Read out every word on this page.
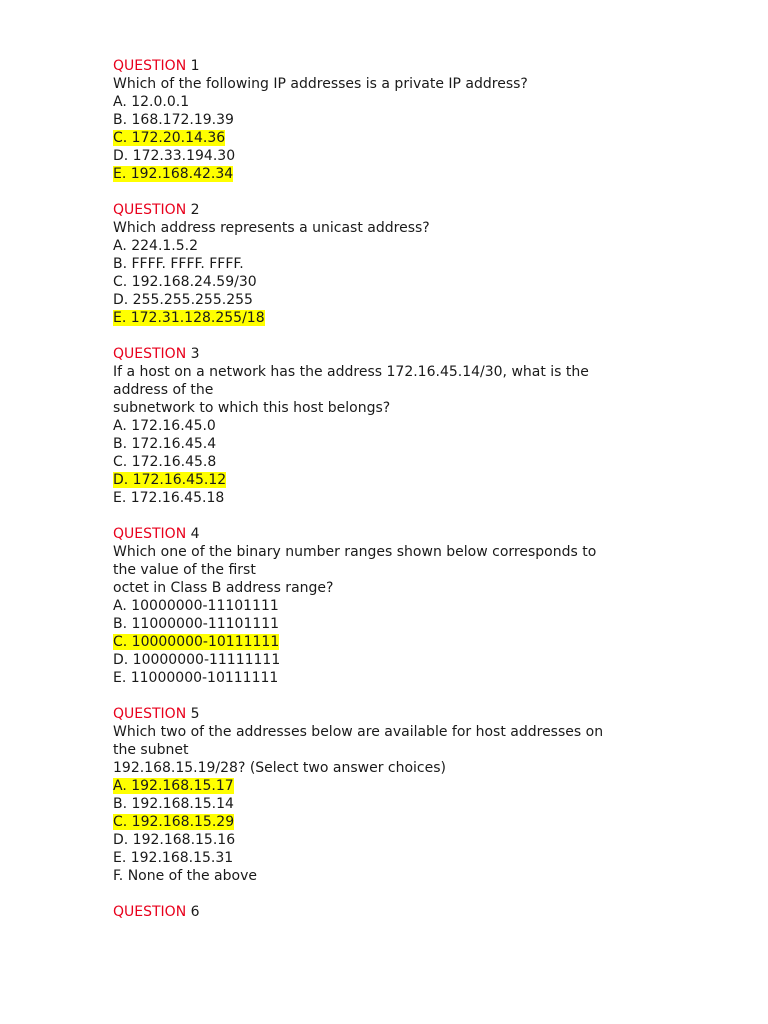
QUESTION 1
Which of the following IP addresses is a private IP address?
A. 12.0.0.1
B. 168.172.19.39
C. 172.20.14.36
D. 172.33.194.30
E. 192.168.42.34
QUESTION 2
Which address represents a unicast address?
A. 224.1.5.2
B. FFFF. FFFF. FFFF.
C. 192.168.24.59/30
D. 255.255.255.255
E. 172.31.128.255/18
QUESTION 3
If a host on a network has the address 172.16.45.14/30, what is the
address of the
subnetwork to which this host belongs?
A. 172.16.45.0
B. 172.16.45.4
C. 172.16.45.8
D. 172.16.45.12
E. 172.16.45.18
QUESTION 4
Which one of the binary number ranges shown below corresponds to
the value of the first
octet in Class B address range?
A. 10000000-11101111
B. 11000000-11101111
C. 10000000-10111111
D. 10000000-11111111
E. 11000000-10111111
QUESTION 5
Which two of the addresses below are available for host addresses on
the subnet
192.168.15.19/28? (Select two answer choices)
A. 192.168.15.17
B. 192.168.15.14
C. 192.168.15.29
D. 192.168.15.16
E. 192.168.15.31
F. None of the above
QUESTION 6
